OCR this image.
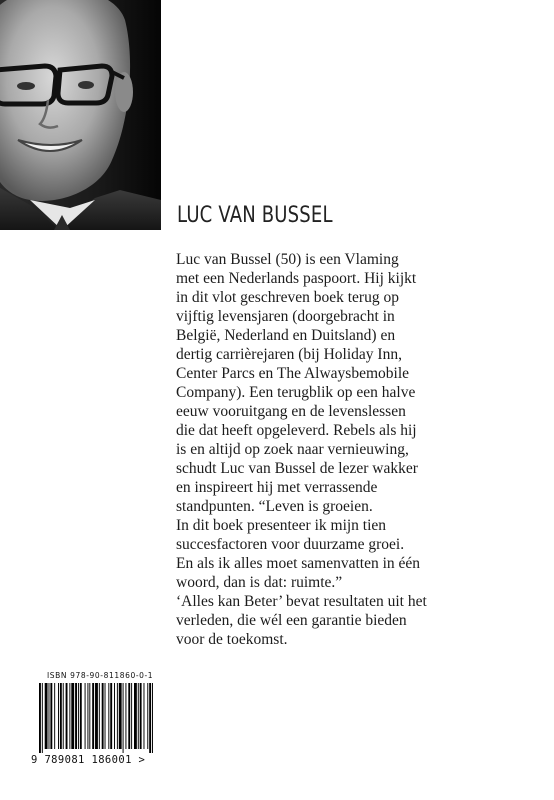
LUC VAN BUSSEL
Luc van Bussel (50) is een Vlaming
met een Nederlands paspoort. Hij kijkt
in dit vlot geschreven boek terug op
vijftig levensjaren (doorgebracht in
België, Nederland en Duitsland) en
dertig carrièrejaren (bij Holiday Inn,
Center Parcs en The Alwaysbemobile
Company). Een terugblik op een halve
eeuw vooruitgang en de levenslessen
die dat heeft opgeleverd. Rebels als hij
is en altijd op zoek naar vernieuwing,
schudt Luc van Bussel de lezer wakker
en inspireert hij met verrassende
standpunten. “Leven is groeien.
In dit boek presenteer ik mijn tien
succesfactoren voor duurzame groei.
En als ik alles moet samenvatten in één
woord, dan is dat: ruimte.”
‘Alles kan Beter’ bevat resultaten uit het
verleden, die wél een garantie bieden
voor de toekomst.
ISBN 978-90-811860-0-1
9 789081 186001 >
